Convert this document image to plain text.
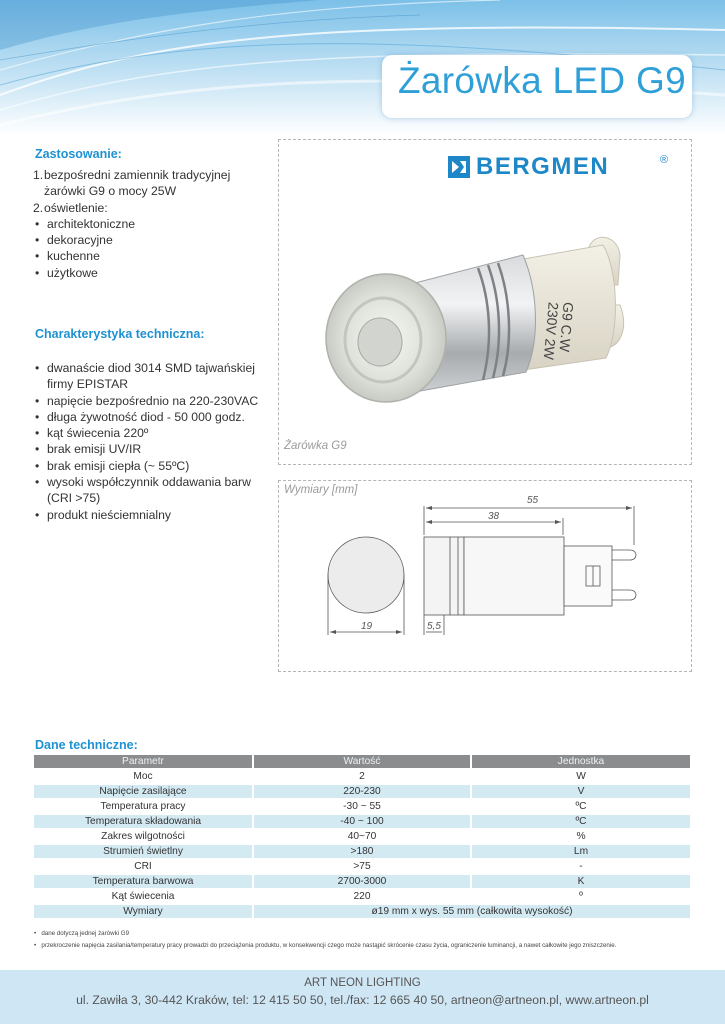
Żarówka LED G9
Zastosowanie:
1. bezpośredni zamiennik tradycyjnej
żarówki G9 o mocy 25W
2. oświetlenie:
• architektoniczne
• dekoracyjne
• kuchenne
• użytkowe
Charakterystyka techniczna:
• dwanaście diod 3014 SMD tajwańskiej firmy EPISTAR
• napięcie bezpośrednio na 220-230VAC
• długa żywotność diod - 50 000 godz.
• kąt świecenia 220º
• brak emisji UV/IR
• brak emisji ciepła (~ 55ºC)
• wysoki współczynnik oddawania barw (CRI >75)
• produkt nieściemnialny
BERGMEN	®
G9 C.W
230V 2W
Żarówka G9
Wymiary [mm]
55
38
19	5,5
Dane techniczne:
Parametr	Wartość	Jednostka
Moc	2	W
Napięcie zasilające	220-230	V
Temperatura pracy	-30 ~ 55	ºC
Temperatura składowania	-40 ~ 100	ºC
Zakres wilgotności	40~70	%
Strumień świetlny	>180	Lm
CRI	>75	-
Temperatura barwowa	2700-3000	K
Kąt świecenia	220	º
Wymiary	ø19 mm x wys. 55 mm (całkowita wysokość)	
•   dane dotyczą jednej żarówki G9
•   przekroczenie napięcia zasilania/temperatury pracy prowadzi do przeciążenia produktu, w konsekwencji czego może nastąpić skrócenie czasu życia, ograniczenie luminancji, a nawet całkowite jego zniszczenie.
ART NEON LIGHTING
ul. Zawiła 3, 30-442 Kraków, tel: 12 415 50 50, tel./fax: 12 665 40 50, artneon@artneon.pl, www.artneon.pl
